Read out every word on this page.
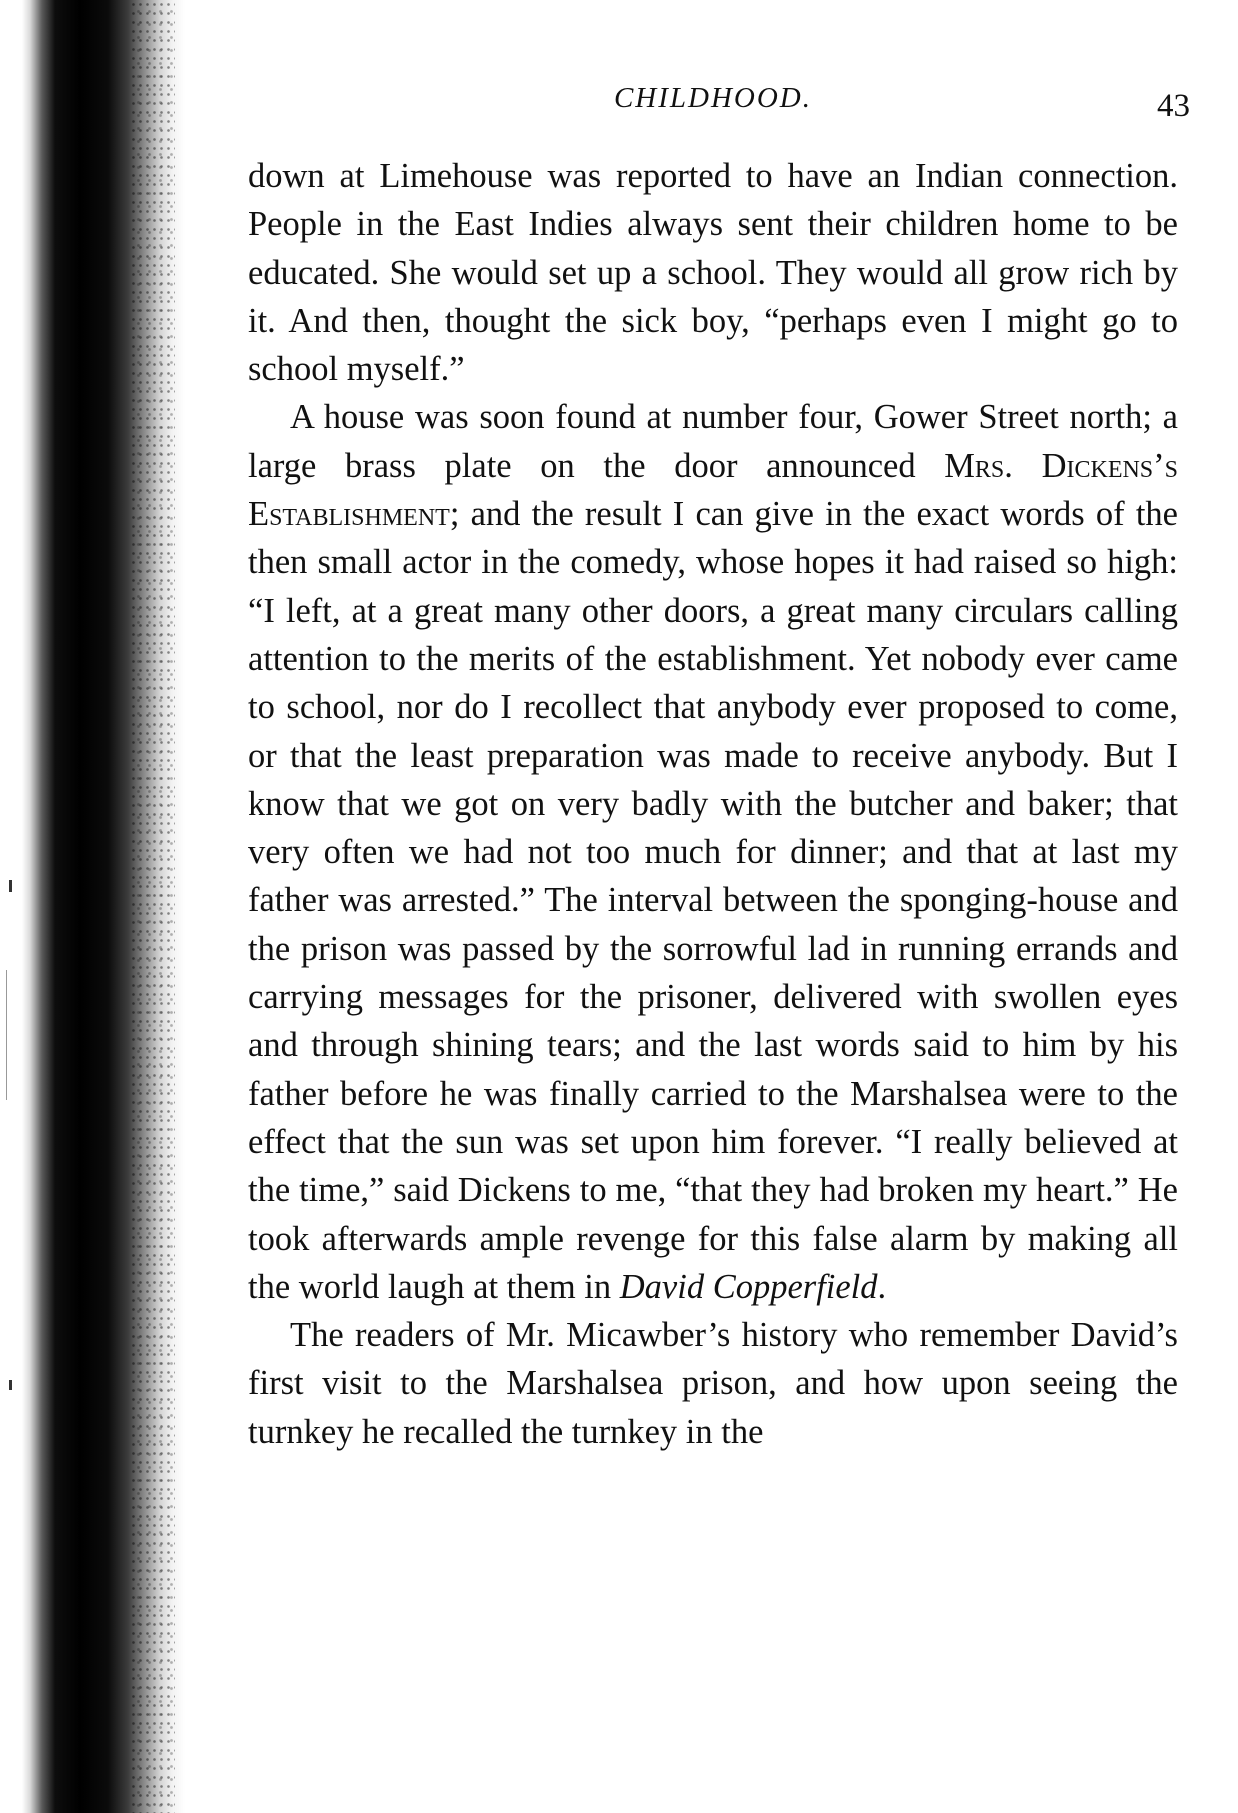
CHILDHOOD.	43

down at Limehouse was reported to have an Indian connection. People in the East Indies always sent their children home to be educated. She would set up a school. They would all grow rich by it. And then, thought the sick boy, “perhaps even I might go to school myself.”

A house was soon found at number four, Gower Street north; a large brass plate on the door announced Mrs. Dickens’s Establishment; and the result I can give in the exact words of the then small actor in the comedy, whose hopes it had raised so high: “I left, at a great many other doors, a great many circulars calling attention to the merits of the establishment. Yet nobody ever came to school, nor do I recollect that anybody ever proposed to come, or that the least preparation was made to receive anybody. But I know that we got on very badly with the butcher and baker; that very often we had not too much for dinner; and that at last my father was arrested.” The interval between the sponging-house and the prison was passed by the sorrowful lad in running errands and carrying messages for the prisoner, delivered with swollen eyes and through shining tears; and the last words said to him by his father before he was finally carried to the Marshalsea were to the effect that the sun was set upon him forever. “I really believed at the time,” said Dickens to me, “that they had broken my heart.” He took afterwards ample revenge for this false alarm by making all the world laugh at them in David Copperfield.

The readers of Mr. Micawber’s history who remember David’s first visit to the Marshalsea prison, and how upon seeing the turnkey he recalled the turnkey in the
